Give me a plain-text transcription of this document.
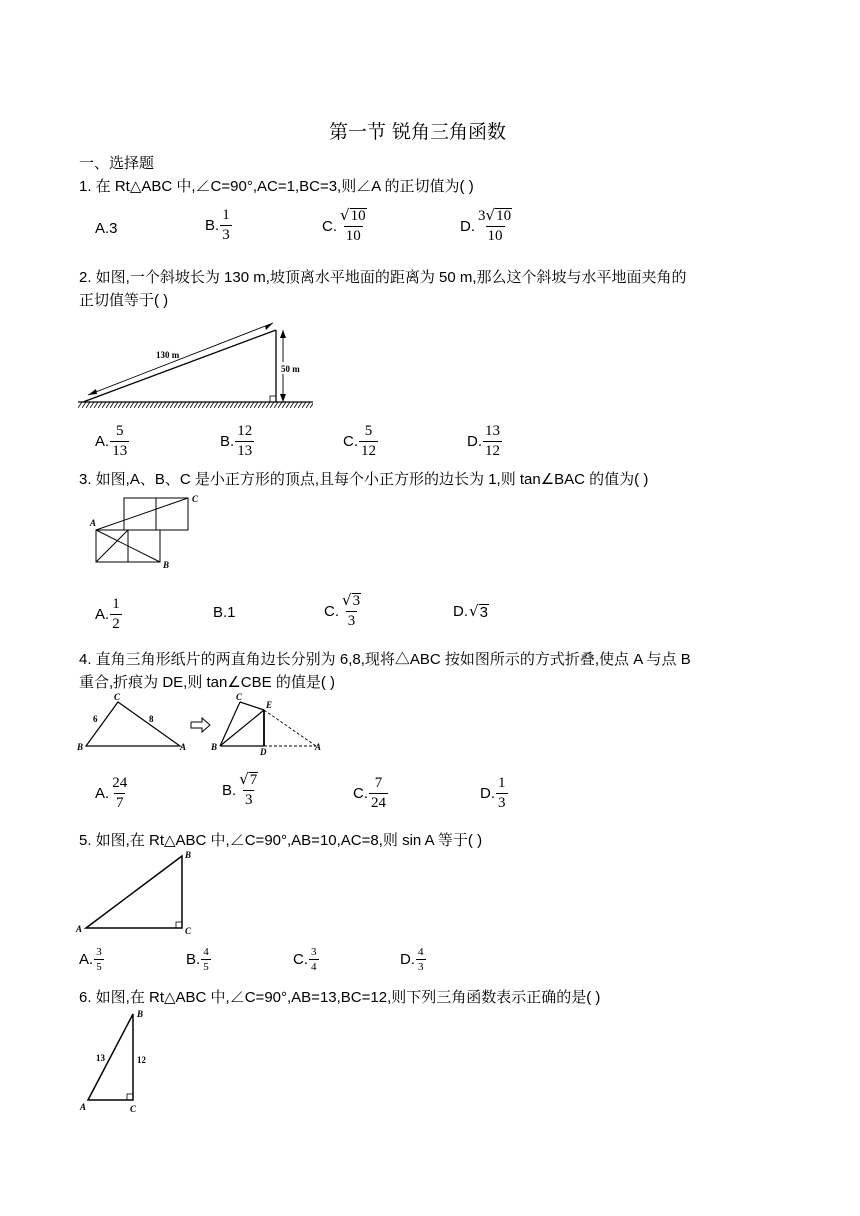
第一节 锐角三角函数
一、选择题
1. 在 Rt△ABC 中,∠C=90°,AC=1,BC=3,则∠A 的正切值为( )
A.3	B. $\frac{1}{3}$	C. $\frac{√ 10}{10}$	D. $\frac{3 √ 10}{10}$
2. 如图,一个斜坡长为 130 m,坡顶离水平地面的距离为 50 m,那么这个斜坡与水平地面夹角的
正切值等于( )
130 m
50 m
A. $\frac{5}{13}$	B. $\frac{12}{13}$	C. $\frac{5}{12}$	D. $\frac{13}{12}$
3. 如图,A、B、C 是小正方形的顶点,且每个小正方形的边长为 1,则 tan∠BAC 的值为( )
A
C
B
A. $\frac{1}{2}$	B.1	C. $\frac{√ 3}{3}$	D. √ 3
4. 直角三角形纸片的两直角边长分别为 6,8,现将△ABC 按如图所示的方式折叠,使点 A 与点 B
重合,折痕为 DE,则 tan∠CBE 的值是( )
C
B	A
6	8
C
E
B	D	A
A. $\frac{24}{7}$	B. $\frac{√ 7}{3}$	C. $\frac{7}{24}$	D. $\frac{1}{3}$
5. 如图,在 Rt△ABC 中,∠C=90°,AB=10,AC=8,则 sin A 等于( )
A
B
C
A. $\frac{3}{5}$	B. $\frac{4}{5}$	C. $\frac{3}{4}$	D. $\frac{4}{3}$
6. 如图,在 Rt△ABC 中,∠C=90°,AB=13,BC=12,则下列三角函数表示正确的是( )
A
B
C
13	12
